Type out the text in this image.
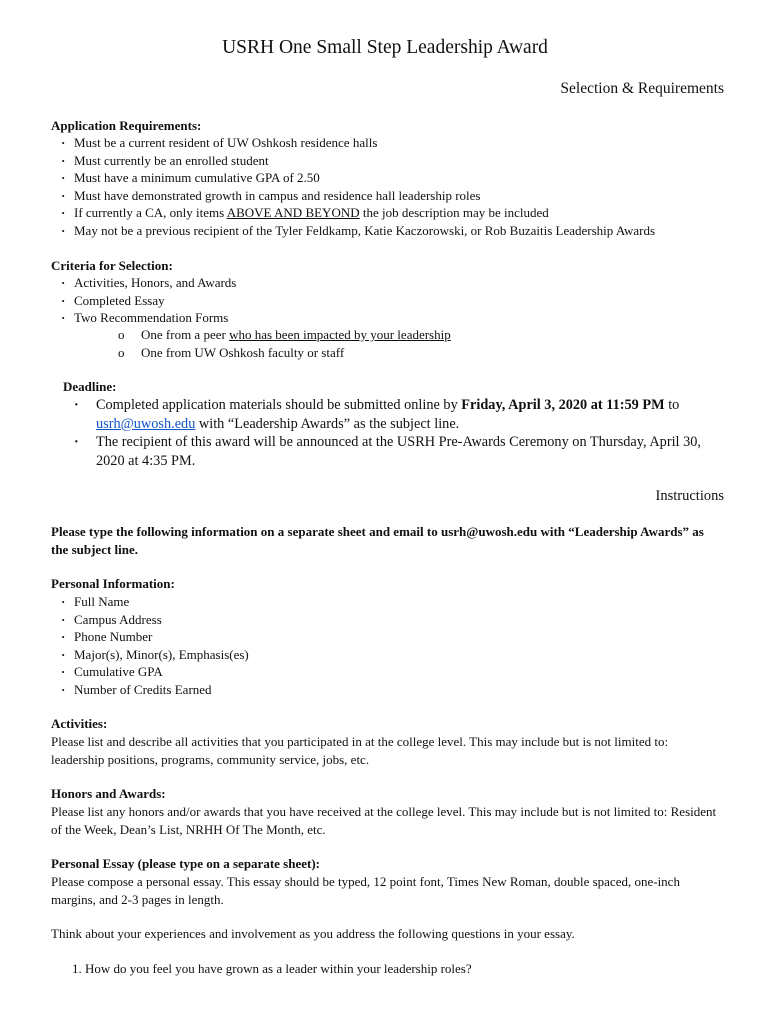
USRH One Small Step Leadership Award
Selection & Requirements
Application Requirements:
· Must be a current resident of UW Oshkosh residence halls
· Must currently be an enrolled student
· Must have a minimum cumulative GPA of 2.50
· Must have demonstrated growth in campus and residence hall leadership roles
· If currently a CA, only items ABOVE AND BEYOND the job description may be included
· May not be a previous recipient of the Tyler Feldkamp, Katie Kaczorowski, or Rob Buzaitis Leadership Awards
Criteria for Selection:
· Activities, Honors, and Awards
· Completed Essay
· Two Recommendation Forms
o One from a peer who has been impacted by your leadership
o One from UW Oshkosh faculty or staff
Deadline:
· Completed application materials should be submitted online by Friday, April 3, 2020 at 11:59 PM to
usrh@uwosh.edu with “Leadership Awards” as the subject line.
· The recipient of this award will be announced at the USRH Pre-Awards Ceremony on Thursday, April 30, 2020 at 4:35 PM.
Instructions
Please type the following information on a separate sheet and email to usrh@uwosh.edu with “Leadership Awards” as the subject line.
Personal Information:
· Full Name
· Campus Address
· Phone Number
· Major(s), Minor(s), Emphasis(es)
· Cumulative GPA
· Number of Credits Earned
Activities:
Please list and describe all activities that you participated in at the college level. This may include but is not limited to: leadership positions, programs, community service, jobs, etc.
Honors and Awards:
Please list any honors and/or awards that you have received at the college level. This may include but is not limited to: Resident of the Week, Dean’s List, NRHH Of The Month, etc.
Personal Essay (please type on a separate sheet):
Please compose a personal essay. This essay should be typed, 12 point font, Times New Roman, double spaced, one-inch margins, and 2-3 pages in length.
Think about your experiences and involvement as you address the following questions in your essay.
1. How do you feel you have grown as a leader within your leadership roles?
